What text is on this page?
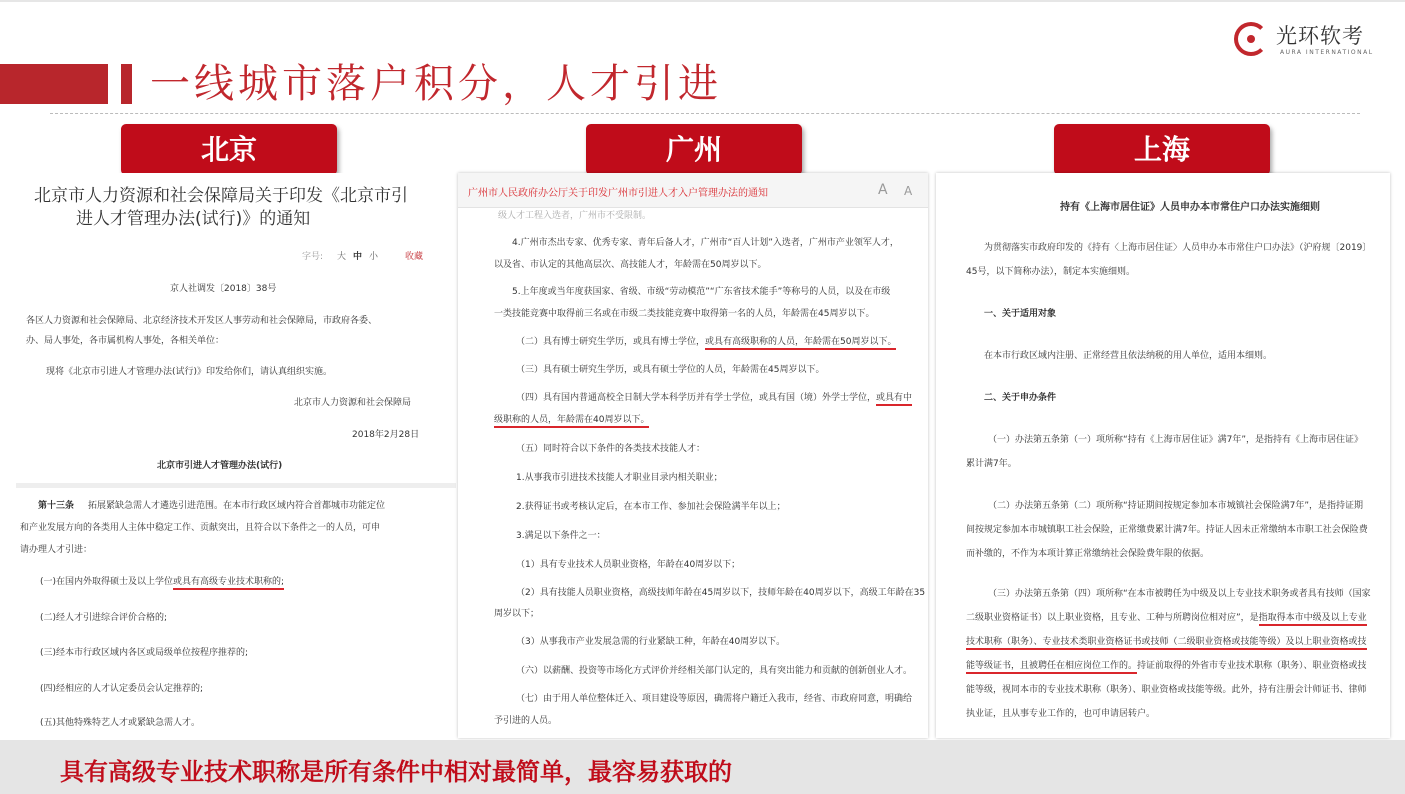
一线城市落户积分，人才引进
光环软考
AURA INTERNATIONAL
北京	广州	上海
北京市人力资源和社会保障局关于印发《北京市引
进人才管理办法(试行)》的通知
字号: 大 中 小	收藏
京人社调发〔2018〕38号
各区人力资源和社会保障局、北京经济技术开发区人事劳动和社会保障局，市政府各委、
办、局人事处，各市属机构人事处，各相关单位：
现将《北京市引进人才管理办法(试行)》印发给你们，请认真组织实施。
北京市人力资源和社会保障局
2018年2月28日
北京市引进人才管理办法(试行)
第十三条 拓展紧缺急需人才遴选引进范围。在本市行政区域内符合首都城市功能定位
和产业发展方向的各类用人主体中稳定工作、贡献突出，且符合以下条件之一的人员，可申
请办理人才引进：
(一)在国内外取得硕士及以上学位或具有高级专业技术职称的;
(二)经人才引进综合评价合格的;
(三)经本市行政区域内各区或局级单位按程序推荐的;
(四)经相应的人才认定委员会认定推荐的;
(五)其他特殊特艺人才或紧缺急需人才。
广州市人民政府办公厅关于印发广州市引进人才入户管理办法的通知	A A
级人才工程入选者，广州市不受限制。
4.广州市杰出专家、优秀专家、青年后备人才，广州市“百人计划”入选者，广州市产业领军人才，
以及省、市认定的其他高层次、高技能人才，年龄需在50周岁以下。
5.上年度或当年度获国家、省级、市级“劳动模范”“广东省技术能手”等称号的人员，以及在市级
一类技能竞赛中取得前三名或在市级二类技能竞赛中取得第一名的人员，年龄需在45周岁以下。
（二）具有博士研究生学历，或具有博士学位，或具有高级职称的人员，年龄需在50周岁以下。
（三）具有硕士研究生学历，或具有硕士学位的人员，年龄需在45周岁以下。
（四）具有国内普通高校全日制大学本科学历并有学士学位，或具有国（境）外学士学位，或具有中
级职称的人员，年龄需在40周岁以下。
（五）同时符合以下条件的各类技术技能人才：
1.从事我市引进技术技能人才职业目录内相关职业；
2.获得证书或考核认定后，在本市工作、参加社会保险满半年以上；
3.满足以下条件之一：
（1）具有专业技术人员职业资格，年龄在40周岁以下；
（2）具有技能人员职业资格，高级技师年龄在45周岁以下，技师年龄在40周岁以下，高级工年龄在35
周岁以下；
（3）从事我市产业发展急需的行业紧缺工种，年龄在40周岁以下。
（六）以薪酬、投资等市场化方式评价并经相关部门认定的，具有突出能力和贡献的创新创业人才。
（七）由于用人单位整体迁入、项目建设等原因，确需将户籍迁入我市，经省、市政府同意，明确给
予引进的人员。
持有《上海市居住证》人员申办本市常住户口办法实施细则
为贯彻落实市政府印发的《持有〈上海市居住证〉人员申办本市常住户口办法》（沪府规〔2019〕
45号，以下简称办法），制定本实施细则。
一、关于适用对象
在本市行政区域内注册、正常经营且依法纳税的用人单位，适用本细则。
二、关于申办条件
（一）办法第五条第（一）项所称“持有《上海市居住证》满7年”，是指持有《上海市居住证》
累计满7年。
（二）办法第五条第（二）项所称“持证期间按规定参加本市城镇社会保险满7年”，是指持证期
间按规定参加本市城镇职工社会保险，正常缴费累计满7年。持证人因未正常缴纳本市职工社会保险费
而补缴的，不作为本项计算正常缴纳社会保险费年限的依据。
（三）办法第五条第（四）项所称“在本市被聘任为中级及以上专业技术职务或者具有技师（国家
二级职业资格证书）以上职业资格，且专业、工种与所聘岗位相对应”，是指取得本市中级及以上专业
技术职称（职务）、专业技术类职业资格证书或技师（二级职业资格或技能等级）及以上职业资格或技
能等级证书，且被聘任在相应岗位工作的。持证前取得的外省市专业技术职称（职务）、职业资格或技
能等级，视同本市的专业技术职称（职务）、职业资格或技能等级。此外，持有注册会计师证书、律师
执业证，且从事专业工作的，也可申请居转户。
具有高级专业技术职称是所有条件中相对最简单，最容易获取的
